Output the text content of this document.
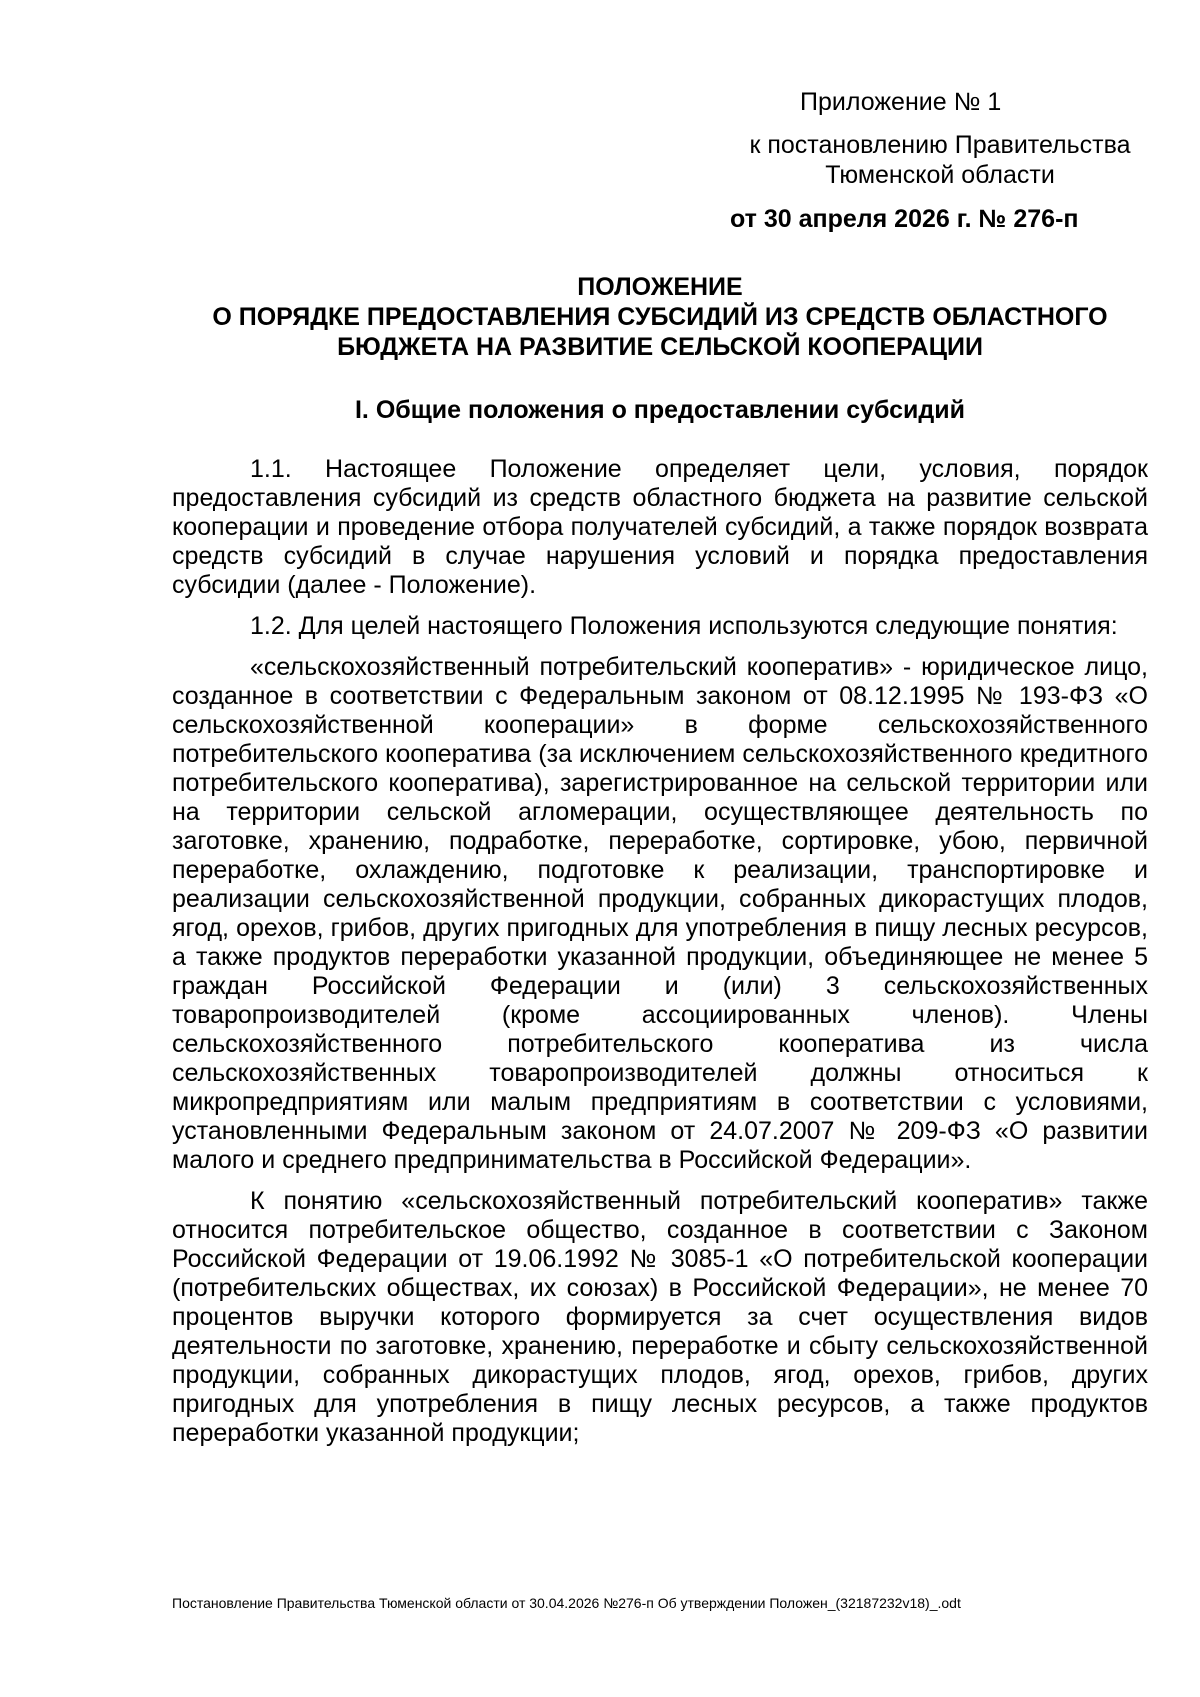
Приложение № 1
к постановлению Правительства Тюменской области
от 30 апреля 2026 г. № 276-п
ПОЛОЖЕНИЕ
О ПОРЯДКЕ ПРЕДОСТАВЛЕНИЯ СУБСИДИЙ ИЗ СРЕДСТВ ОБЛАСТНОГО
БЮДЖЕТА НА РАЗВИТИЕ СЕЛЬСКОЙ КООПЕРАЦИИ
I. Общие положения о предоставлении субсидий

1.1. Настоящее Положение определяет цели, условия, порядок предоставления субсидий из средств областного бюджета на развитие сельской кооперации и проведение отбора получателей субсидий, а также порядок возврата средств субсидий в случае нарушения условий и порядка предоставления субсидии (далее - Положение).

1.2. Для целей настоящего Положения используются следующие понятия:

«сельскохозяйственный потребительский кооператив» - юридическое лицо, созданное в соответствии с Федеральным законом от 08.12.1995 № 193-ФЗ «О сельскохозяйственной кооперации» в форме сельскохозяйственного потребительского кооператива (за исключением сельскохозяйственного кредитного потребительского кооператива), зарегистрированное на сельской территории или на территории сельской агломерации, осуществляющее деятельность по заготовке, хранению, подработке, переработке, сортировке, убою, первичной переработке, охлаждению, подготовке к реализации, транспортировке и реализации сельскохозяйственной продукции, собранных дикорастущих плодов, ягод, орехов, грибов, других пригодных для употребления в пищу лесных ресурсов, а также продуктов переработки указанной продукции, объединяющее не менее 5 граждан Российской Федерации и (или) 3 сельскохозяйственных товаропроизводителей (кроме ассоциированных членов). Члены сельскохозяйственного потребительского кооператива из числа сельскохозяйственных товаропроизводителей должны относиться к микропредприятиям или малым предприятиям в соответствии с условиями, установленными Федеральным законом от 24.07.2007 № 209-ФЗ «О развитии малого и среднего предпринимательства в Российской Федерации».

К понятию «сельскохозяйственный потребительский кооператив» также относится потребительское общество, созданное в соответствии с Законом Российской Федерации от 19.06.1992 № 3085-1 «О потребительской кооперации (потребительских обществах, их союзах) в Российской Федерации», не менее 70 процентов выручки которого формируется за счет осуществления видов деятельности по заготовке, хранению, переработке и сбыту сельскохозяйственной продукции, собранных дикорастущих плодов, ягод, орехов, грибов, других пригодных для употребления в пищу лесных ресурсов, а также продуктов переработки указанной продукции;

Постановление Правительства Тюменской области от 30.04.2026 №276-п Об утверждении Положен_(32187232v18)_.odt
